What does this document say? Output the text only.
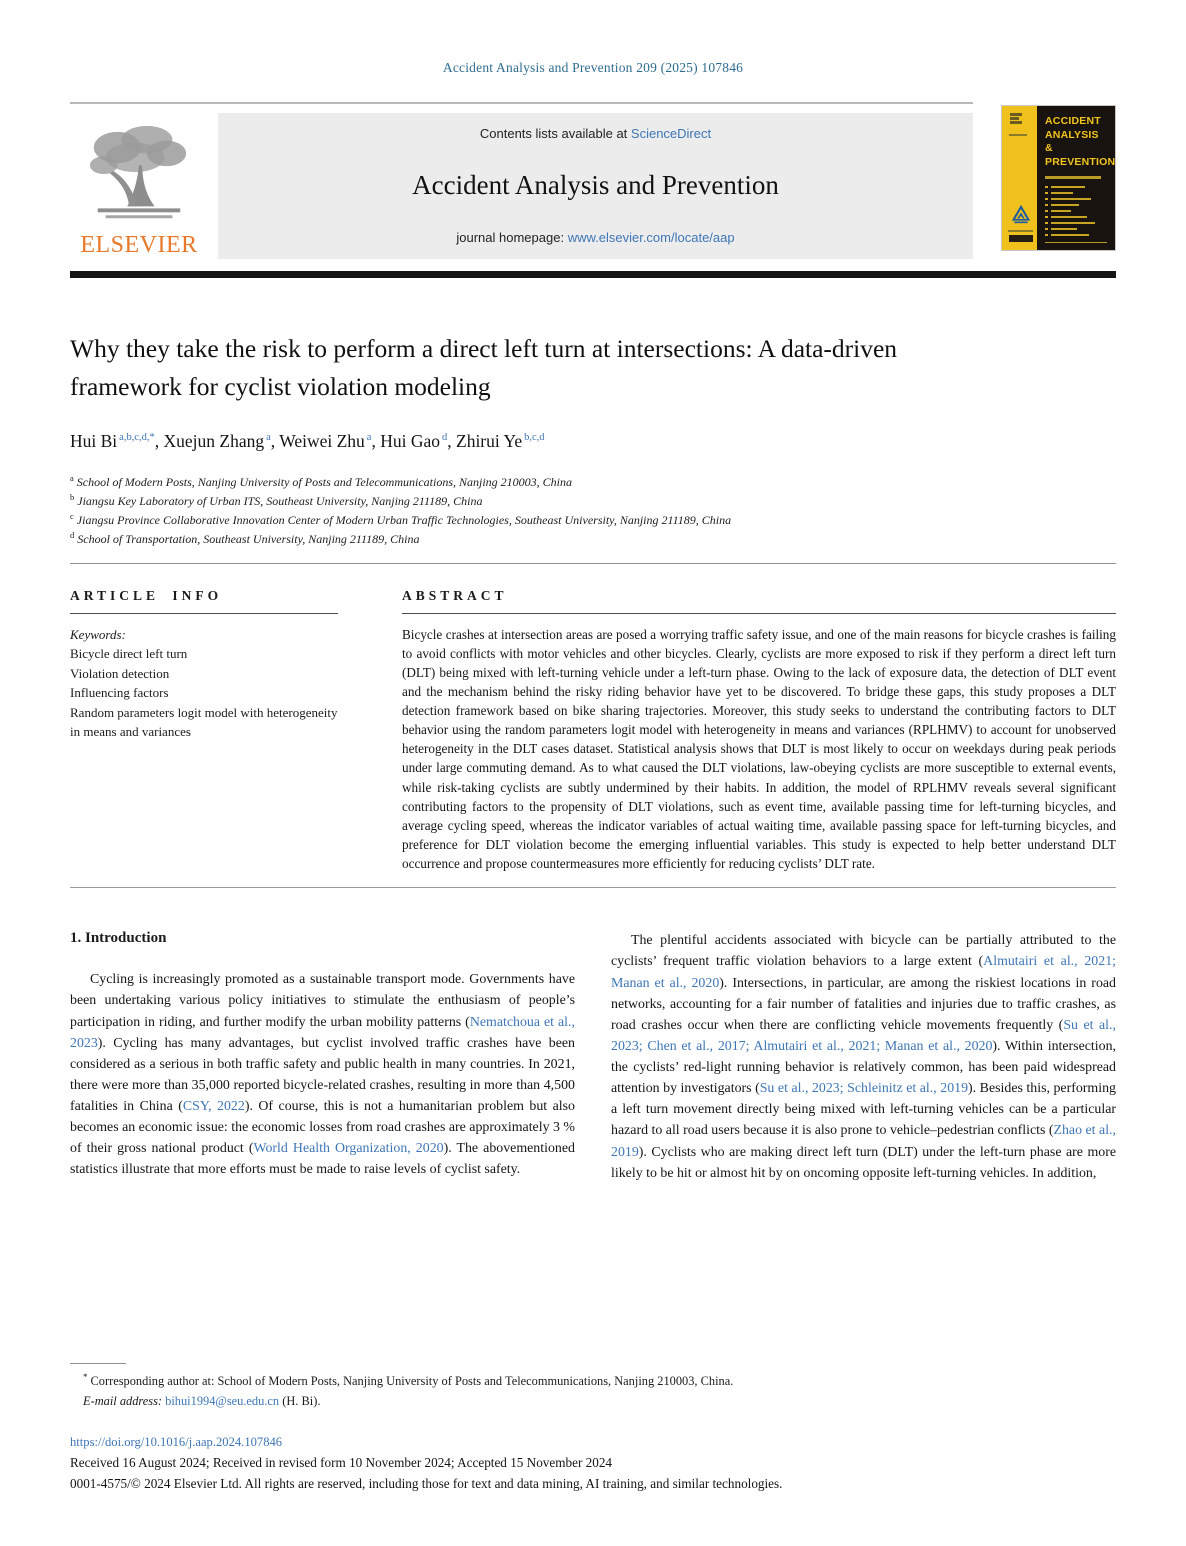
Accident Analysis and Prevention 209 (2025) 107846
ELSEVIER
Contents lists available at ScienceDirect
Accident Analysis and Prevention
journal homepage: www.elsevier.com/locate/aap
ACCIDENT
ANALYSIS
&
PREVENTION
Why they take the risk to perform a direct left turn at intersections: A data-driven framework for cyclist violation modeling
Hui Bi $^{a,b,c,d,*}$, Xuejun Zhang $^a$, Weiwei Zhu $^a$, Hui Gao $^d$, Zhirui Ye $^{b,c,d}$
$^a$ School of Modern Posts, Nanjing University of Posts and Telecommunications, Nanjing 210003, China
$^b$ Jiangsu Key Laboratory of Urban ITS, Southeast University, Nanjing 211189, China
$^c$ Jiangsu Province Collaborative Innovation Center of Modern Urban Traffic Technologies, Southeast University, Nanjing 211189, China
$^d$ School of Transportation, Southeast University, Nanjing 211189, China
ARTICLE INFO
Keywords:
Bicycle direct left turn
Violation detection
Influencing factors
Random parameters logit model with heterogeneity in means and variances
ABSTRACT
Bicycle crashes at intersection areas are posed a worrying traffic safety issue, and one of the main reasons for bicycle crashes is failing to avoid conflicts with motor vehicles and other bicycles. Clearly, cyclists are more exposed to risk if they perform a direct left turn (DLT) being mixed with left-turning vehicle under a left-turn phase. Owing to the lack of exposure data, the detection of DLT event and the mechanism behind the risky riding behavior have yet to be discovered. To bridge these gaps, this study proposes a DLT detection framework based on bike sharing trajectories. Moreover, this study seeks to understand the contributing factors to DLT behavior using the random parameters logit model with heterogeneity in means and variances (RPLHMV) to account for unobserved heterogeneity in the DLT cases dataset. Statistical analysis shows that DLT is most likely to occur on weekdays during peak periods under large commuting demand. As to what caused the DLT violations, law-obeying cyclists are more susceptible to external events, while risk-taking cyclists are subtly undermined by their habits. In addition, the model of RPLHMV reveals several significant contributing factors to the propensity of DLT violations, such as event time, available passing time for left-turning bicycles, and average cycling speed, whereas the indicator variables of actual waiting time, available passing space for left-turning bicycles, and preference for DLT violation become the emerging influential variables. This study is expected to help better understand DLT occurrence and propose countermeasures more efficiently for reducing cyclists’ DLT rate.
1. Introduction

Cycling is increasingly promoted as a sustainable transport mode. Governments have been undertaking various policy initiatives to stimulate the enthusiasm of people’s participation in riding, and further modify the urban mobility patterns (Nematchoua et al., 2023). Cycling has many advantages, but cyclist involved traffic crashes have been considered as a serious in both traffic safety and public health in many countries. In 2021, there were more than 35,000 reported bicycle-related crashes, resulting in more than 4,500 fatalities in China (CSY, 2022). Of course, this is not a humanitarian problem but also becomes an economic issue: the economic losses from road crashes are approximately 3 % of their gross national product (World Health Organization, 2020). The abovementioned statistics illustrate that more efforts must be made to raise levels of cyclist safety.

The plentiful accidents associated with bicycle can be partially attributed to the cyclists’ frequent traffic violation behaviors to a large extent (Almutairi et al., 2021; Manan et al., 2020). Intersections, in particular, are among the riskiest locations in road networks, accounting for a fair number of fatalities and injuries due to traffic crashes, as road crashes occur when there are conflicting vehicle movements frequently (Su et al., 2023; Chen et al., 2017; Almutairi et al., 2021; Manan et al., 2020). Within intersection, the cyclists’ red-light running behavior is relatively common, has been paid widespread attention by investigators (Su et al., 2023; Schleinitz et al., 2019). Besides this, performing a left turn movement directly being mixed with left-turning vehicles can be a particular hazard to all road users because it is also prone to vehicle–pedestrian conflicts (Zhao et al., 2019). Cyclists who are making direct left turn (DLT) under the left-turn phase are more likely to be hit or almost hit by on oncoming opposite left-turning vehicles. In addition,

* Corresponding author at: School of Modern Posts, Nanjing University of Posts and Telecommunications, Nanjing 210003, China.
E-mail address: bihui1994@seu.edu.cn (H. Bi).
https://doi.org/10.1016/j.aap.2024.107846
Received 16 August 2024; Received in revised form 10 November 2024; Accepted 15 November 2024
0001-4575/© 2024 Elsevier Ltd. All rights are reserved, including those for text and data mining, AI training, and similar technologies.
